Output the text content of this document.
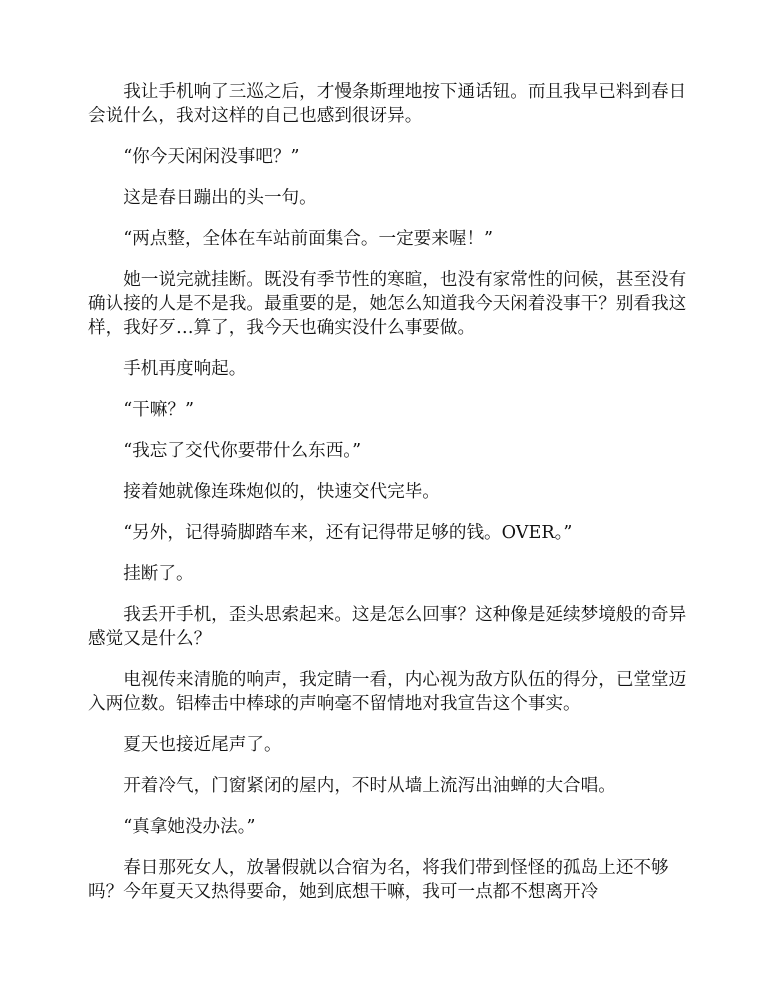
我让手机响了三巡之后，才慢条斯理地按下通话钮。而且我早已料到春日会说什么，我对这样的自己也感到很讶异。

“你今天闲闲没事吧？”

这是春日蹦出的头一句。

“两点整，全体在车站前面集合。一定要来喔！”

她一说完就挂断。既没有季节性的寒暄，也没有家常性的问候，甚至没有确认接的人是不是我。最重要的是，她怎么知道我今天闲着没事干？别看我这样，我好歹…算了，我今天也确实没什么事要做。

手机再度响起。

“干嘛？”

“我忘了交代你要带什么东西。”

接着她就像连珠炮似的，快速交代完毕。

“另外，记得骑脚踏车来，还有记得带足够的钱。OVER。”

挂断了。

我丢开手机，歪头思索起来。这是怎么回事？这种像是延续梦境般的奇异感觉又是什么？

电视传来清脆的响声，我定睛一看，内心视为敌方队伍的得分，已堂堂迈入两位数。铝棒击中棒球的声响毫不留情地对我宣告这个事实。

夏天也接近尾声了。

开着冷气，门窗紧闭的屋内，不时从墙上流泻出油蝉的大合唱。

“真拿她没办法。”

春日那死女人，放暑假就以合宿为名，将我们带到怪怪的孤岛上还不够吗？今年夏天又热得要命，她到底想干嘛，我可一点都不想离开冷
